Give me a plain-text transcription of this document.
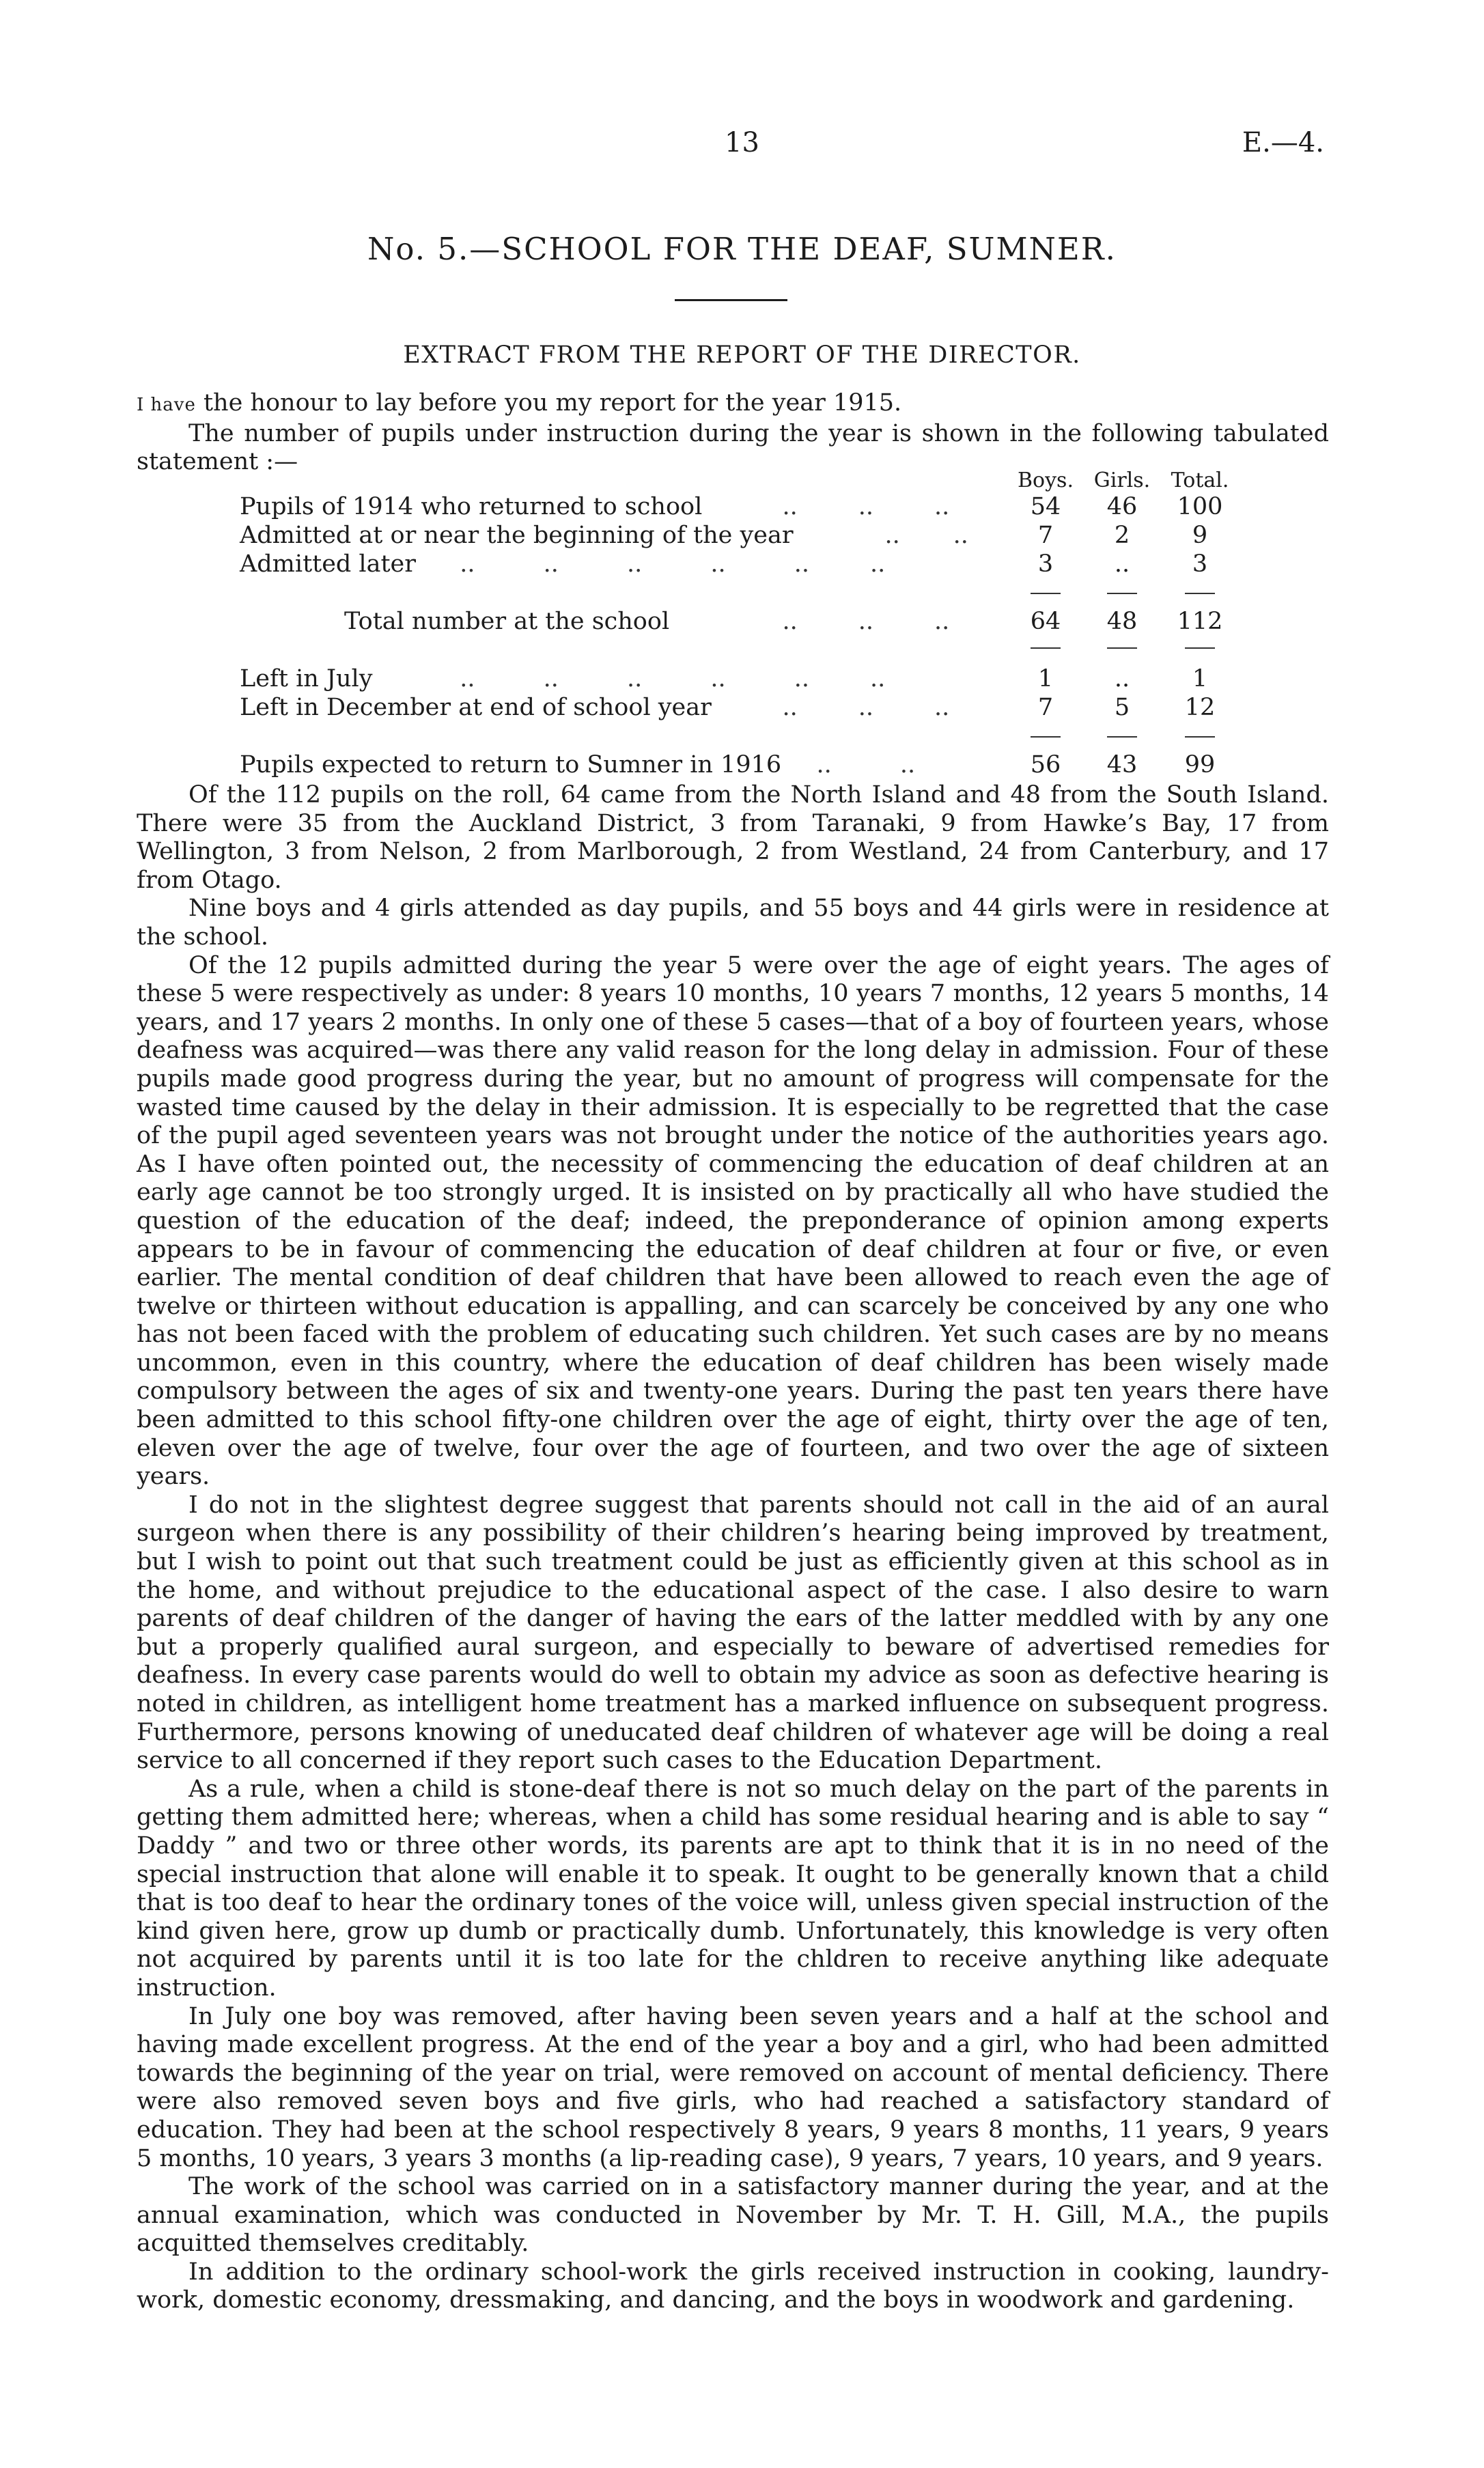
13	E.—4.
No. 5.—SCHOOL FOR THE DEAF, SUMNER.
EXTRACT FROM THE REPORT OF THE DIRECTOR.

I have the honour to lay before you my report for the year 1915.

The number of pupils under instruction during the year is shown in the following tabulated statement :—

Boys. Girls.	Total.
Pupils of 1914 who returned to school ..        ..        ..	54	46	100
Admitted at or near the beginning of the year	..       ..	7	2	9
Admitted later ..         ..         ..         ..         ..        ..	3	..	3
Total number at the school	..        ..        ..	64	48	112
Left in July	..         ..         ..         ..         ..        ..	1	..	1
Left in December at end of school year ..        ..        ..	7	5	12
Pupils expected to return to Sumner in 1916 ..         ..	56	43	99

Of the 112 pupils on the roll, 64 came from the North Island and 48 from the South Island. There were 35 from the Auckland District, 3 from Taranaki, 9 from Hawke’s Bay, 17 from Wellington, 3 from Nelson, 2 from Marlborough, 2 from Westland, 24 from Canterbury, and 17 from Otago.

Nine boys and 4 girls attended as day pupils, and 55 boys and 44 girls were in residence at the school.

Of the 12 pupils admitted during the year 5 were over the age of eight years. The ages of these 5 were respectively as under: 8 years 10 months, 10 years 7 months, 12 years 5 months, 14 years, and 17 years 2 months. In only one of these 5 cases—that of a boy of fourteen years, whose deafness was acquired—was there any valid reason for the long delay in admission. Four of these pupils made good progress during the year, but no amount of progress will compensate for the wasted time caused by the delay in their admission. It is especially to be regretted that the case of the pupil aged seventeen years was not brought under the notice of the authorities years ago. As I have often pointed out, the necessity of commencing the education of deaf children at an early age cannot be too strongly urged. It is insisted on by practically all who have studied the question of the education of the deaf; indeed, the preponderance of opinion among experts appears to be in favour of commencing the education of deaf children at four or five, or even earlier. The mental condition of deaf children that have been allowed to reach even the age of twelve or thirteen without education is appalling, and can scarcely be conceived by any one who has not been faced with the problem of educating such children. Yet such cases are by no means uncommon, even in this country, where the education of deaf children has been wisely made compulsory between the ages of six and twenty-one years. During the past ten years there have been admitted to this school fifty-one children over the age of eight, thirty over the age of ten, eleven over the age of twelve, four over the age of fourteen, and two over the age of sixteen years.

I do not in the slightest degree suggest that parents should not call in the aid of an aural surgeon when there is any possibility of their children’s hearing being improved by treatment, but I wish to point out that such treatment could be just as efficiently given at this school as in the home, and without prejudice to the educational aspect of the case. I also desire to warn parents of deaf children of the danger of having the ears of the latter meddled with by any one but a properly qualified aural surgeon, and especially to beware of advertised remedies for deafness. In every case parents would do well to obtain my advice as soon as defective hearing is noted in children, as intelligent home treatment has a marked influence on subsequent progress. Furthermore, persons knowing of uneducated deaf children of whatever age will be doing a real service to all concerned if they report such cases to the Education Department.

As a rule, when a child is stone-deaf there is not so much delay on the part of the parents in getting them admitted here; whereas, when a child has some residual hearing and is able to say “ Daddy ” and two or three other words, its parents are apt to think that it is in no need of the special instruction that alone will enable it to speak. It ought to be generally known that a child that is too deaf to hear the ordinary tones of the voice will, unless given special instruction of the kind given here, grow up dumb or practically dumb. Unfortunately, this knowledge is very often not acquired by parents until it is too late for the chldren to receive anything like adequate instruction.

In July one boy was removed, after having been seven years and a half at the school and having made excellent progress. At the end of the year a boy and a girl, who had been admitted towards the beginning of the year on trial, were removed on account of mental deficiency. There were also removed seven boys and five girls, who had reached a satisfactory standard of education. They had been at the school respectively 8 years, 9 years 8 months, 11 years, 9 years 5 months, 10 years, 3 years 3 months (a lip-reading case), 9 years, 7 years, 10 years, and 9 years.

The work of the school was carried on in a satisfactory manner during the year, and at the annual examination, which was conducted in November by Mr. T. H. Gill, M.A., the pupils acquitted themselves creditably.

In addition to the ordinary school-work the girls received instruction in cooking, laundry-work, domestic economy, dressmaking, and dancing, and the boys in woodwork and gardening.
